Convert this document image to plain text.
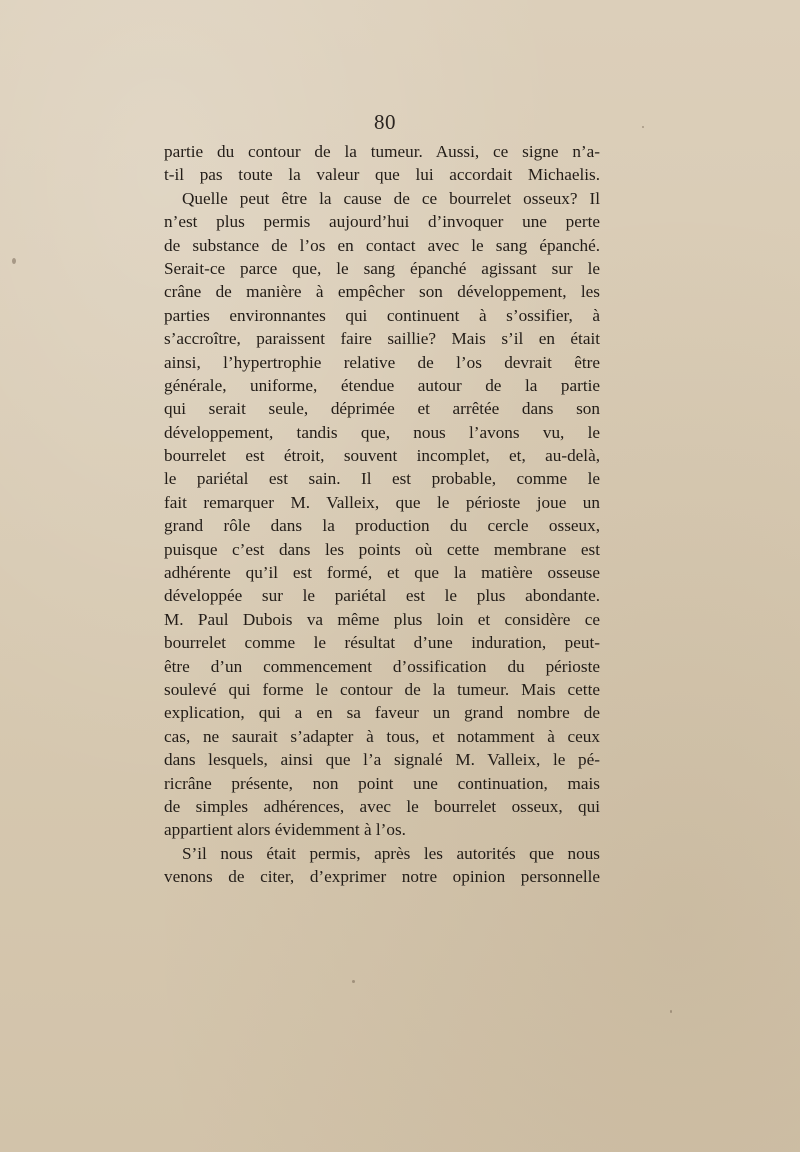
80
partie du contour de la tumeur. Aussi, ce signe n’a-
t-il pas toute la valeur que lui accordait Michaelis.
Quelle peut être la cause de ce bourrelet osseux? Il
n’est plus permis aujourd’hui d’invoquer une perte
de substance de l’os en contact avec le sang épanché.
Serait-ce parce que, le sang épanché agissant sur le
crâne de manière à empêcher son développement, les
parties environnantes qui continuent à s’ossifier, à
s’accroître, paraissent faire saillie? Mais s’il en était
ainsi, l’hypertrophie relative de l’os devrait être
générale, uniforme, étendue autour de la partie
qui serait seule, déprimée et arrêtée dans son
développement, tandis que, nous l’avons vu, le
bourrelet est étroit, souvent incomplet, et, au-delà,
le pariétal est sain. Il est probable, comme le
fait remarquer M. Valleix, que le périoste joue un
grand rôle dans la production du cercle osseux,
puisque c’est dans les points où cette membrane est
adhérente qu’il est formé, et que la matière osseuse
développée sur le pariétal est le plus abondante.
M. Paul Dubois va même plus loin et considère ce
bourrelet comme le résultat d’une induration, peut-
être d’un commencement d’ossification du périoste
soulevé qui forme le contour de la tumeur. Mais cette
explication, qui a en sa faveur un grand nombre de
cas, ne saurait s’adapter à tous, et notamment à ceux
dans lesquels, ainsi que l’a signalé M. Valleix, le pé-
ricrâne présente, non point une continuation, mais
de simples adhérences, avec le bourrelet osseux, qui
appartient alors évidemment à l’os.
S’il nous était permis, après les autorités que nous
venons de citer, d’exprimer notre opinion personnelle
